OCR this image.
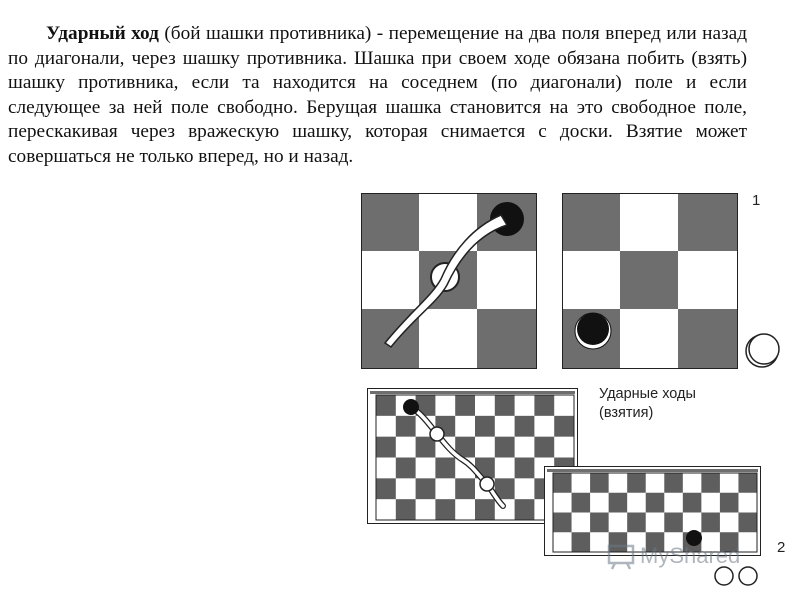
Ударный ход (бой шашки противника) - перемещение на два поля вперед или назад по диагонали, через шашку противника. Шашка при своем ходе обязана побить (взять) шашку противника, если та находится на соседнем (по диагонали) поле и если следующее за ней поле свободно. Берущая шашка становится на это свободное поле, перескакивая через вражескую шашку, которая снимается с доски. Взятие может совершаться не только вперед, но и назад.

1
2
Ударные ходы
(взятия)
MyShared
